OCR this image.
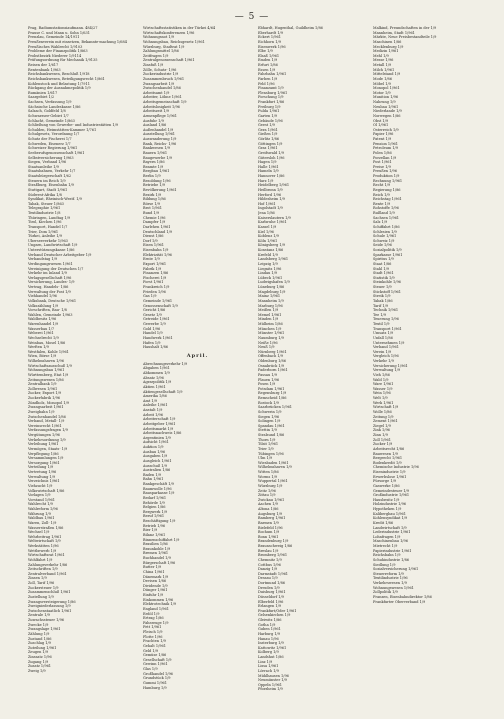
— 5 —
Prag, Radiumstationsiaufmann. 484/27
Prause C. und Mann u. Sohn 1/631
Prenzlau, Gemeinde 14/1911
Preußenverein mit einsetzen, Bekannte-machung 1/684
Preußisches Wahlrecht 1/9103
Probleme der Finanzpolitik 1/863
Probstbezirk Niederer 1/9114
Prüfungsordnung für Mechanik 1/9135
Reisen der 1/617
Rentenbank 1/963
Reichsbankwesen, Beschluß 1/918
Reichsbankwesen, Beteiligungsrecht 1/861
Kohlenstock und Belastung 1/7911
Rückgang der Ausnahmepolitik 1/9
Rumänien 1/617
Saargebiet 1/2
Sachsen, Verfassung 1/9
Sächsische Landeskasse 1/86
Salzach, Goldfeld 1/8
Schwarzsee-Gebiet 1/7
Schlacht, Gemeinde 1/863
Schließung von Gewerbe- und Industriestätten 1/9
Schulden, Heimstätten-Kammer 1/761
Schulgesetz, Verordnung 1/7
Schutz der Fischerei 1/7
Schweden, Eisenerz 1/7
Schweizer Regierung 1/961
Seeberufsgenossenschaft 1/961
Selbstversicherung 1/963
Siegen, Verband 1/96
Staatsanleihe 1/9
Staatsbahnen, Verkehr 1/7
Staatsbürgerschaft 1/62
Steuern im Reich 1/9
Straßburg, Eisenbahn 1/9
Stuttgart, Stadt 1/961
Südwest-Afrika 1/8
Syndikat, Rheinisch-Westf. 1/9
Tabak, Steuer 1/863
Telegraphie 1/961
Textilindustrie 1/8
Thüringen, Landtag 1/9
Tirol, Kirchen 1/96
Transport, Handel 1/7
Trier, Dom 1/961
Türkei, Anleihe 1/9
Überseeverkehr 1/963
Ungarn, Landwirtschaft 1/9
Unterstützungskasse 1/86
Verband Deutscher Arbeitgeber 1/9
Verbandstag 1/9
Verdingungswesen 1/961
Vereinigung der Deutschen 1/7
Verkehr im Inland 1/9
Verlagsgesellschaft 1/96
Versicherung, Landes- 1/9
Vertrag, Handels- 1/86
Verwaltung der Post 1/9
Viehhandel 1/96
Volksbank, Deutsche 1/961
Volkszählung 1/9
Vorschriften, Bau- 1/8
Wahlen, Gemeinde 1/963
Waldbesitz 1/96
Warenhandel 1/9
Wasserbau 1/7
Weberei 1/961
Wechselrecht 1/9
Weinbau, Mosel 1/86
Werften 1/9
Westfalen, Kohle 1/961
Wien, Börse 1/9
Wilhelmshaven 1/96
Wirtschaftsausschuß 1/9
Wohnungsbau 1/961
Württemberg, Etat 1/9
Zeitungswesen 1/86
Zentralbank 1/9
Zollwesen 1/961
Zucker, Export 1/9
Zuckerfabrik 1/96
Zündholz, Monopol 1/9
Zwangsarbeit 1/961
Zweigbahn 1/9
Zwischenhandel 1/86
Verband, Metall- 1/9
Vereinsrecht 1/961
Verfassungsfragen 1/9
Vergütungen 1/96
Verkehrsordnung 1/9
Verleihung 1/961
Vermögen, Staats- 1/9
Verpflegung 1/86
Versammlungen 1/9
Versorgung 1/961
Verteilung 1/9
Vertretung 1/96
Verwaltung 1/9
Verzeichnis 1/961
Viehzucht 1/9
Volkswirtschaft 1/86
Vorlagen 1/9
Vorstand 1/961
Wahlrecht 1/9
Wahlreform 1/96
Währung 1/9
Waldbau 1/961
Waren, Zoll- 1/9
Wasserstraßen 1/86
Wechsel 1/9
Wehrbeitrag 1/961
Weltwirtschaft 1/9
Werkstätten 1/96
Wettbewerb 1/9
Wirtschaftsrat 1/961
Wohlfahrt 1/9
Zahlungsverkehr 1/86
Zeitschriften 1/9
Zentralverband 1/961
Zinsen 1/9
Zoll, Tarif 1/96
Zuckersteuer 1/9
Zusammenschluß 1/961
Zustellung 1/9
Zwangsversteigerung 1/86
Zweigniederlassung 1/9
Zwischenstaatlich 1/961
Zentrale 1/9
Zuwachssteuer 1/96
Zwecke 1/9
Zwangslage 1/961
Zählung 1/9
Zustand 1/86
Zuschlag 1/9
Zuteilung 1/961
Zeugen 1/9
Zinssatz 1/96
Zugang 1/9
Zusatz 1/961
Zweig 1/9
Wirtschaftsstatistiken in der Türkei 4/64
Wirtschaftskonferenzen 1/96
Wohnungsnot 1/9
Wohnungsbau, Reichsgesetz 1/961
Würzburg, Stadtrat 1/9
Zahlungsmittel 1/86
Zeitfragen 1/9
Zentralgenossenschaft 1/961
Zinsfuß 1/9
Zölle, Schutz- 1/96
Zuckerindustrie 1/9
Zusammenbruch 1/961
Zwangsarbeit 1/9
Zwischenhandel 1/86
Arbeitsamt 1/9
Arbeiter, Löhne 1/961
Arbeitsgemeinschaft 1/9
Arbeitslosigkeit 1/96
Arbeitszeit 1/9
Armenpflege 1/961
Ausfuhr 1/9
Ausland 1/86
Außenhandel 1/9
Ausstellung 1/961
Auswanderung 1/9
Bank, Reichs- 1/96
Bankwesen 1/9
Bauern 1/961
Baugewerbe 1/9
Bayern 1/86
Beamte 1/9
Bergbau 1/961
Berlin 1/9
Besoldung 1/96
Betriebe 1/9
Bevölkerung 1/961
Bezirk 1/9
Bildung 1/86
Börse 1/9
Brot 1/961
Bund 1/9
Chemie 1/96
Dampfer 1/9
Darlehen 1/961
Deutschland 1/9
Dienst 1/86
Dorf 1/9
Eisen 1/961
Eisenbahn 1/9
Elektrizität 1/96
Ernte 1/9
Export 1/961
Fabrik 1/9
Finanzen 1/86
Fischerei 1/9
Forst 1/961
Frankreich 1/9
Frieden 1/96
Gas 1/9
Gemeinde 1/961
Genossenschaft 1/9
Gericht 1/86
Gesetz 1/9
Getreide 1/961
Gewerbe 1/9
Gold 1/96
Handel 1/9
Handwerk 1/961
Hafen 1/9
Haushalt 1/86
April.
Abrechnungsverkehr 1/9
Abgaben 1/961
Abkommen 1/9
Absatz 1/96
Agrarpolitik 1/9
Aktien 1/961
Aktiengesellschaft 1/9
Amerika 1/86
Amt 1/9
Anleihe 1/961
Anstalt 1/9
Arbeit 1/96
Arbeiterschaft 1/9
Arbeitgeber 1/961
Arbeitsmarkt 1/9
Arbeitsnachweis 1/86
Argentinien 1/9
Aufsicht 1/961
Auktion 1/9
Ausbau 1/96
Ausgaben 1/9
Ausgleich 1/961
Ausschuß 1/9
Australien 1/86
Baden 1/9
Bahn 1/961
Bankgeschäft 1/9
Baumwolle 1/96
Bausparkasse 1/9
Bedarf 1/961
Behörde 1/9
Belgien 1/86
Bergwerk 1/9
Beruf 1/961
Beschäftigung 1/9
Betrieb 1/96
Bier 1/9
Bilanz 1/961
Binnenschiffahrt 1/9
Brasilien 1/86
Braunkohle 1/9
Bremen 1/961
Buchhandel 1/9
Bürgerschaft 1/96
Butter 1/9
China 1/961
Dänemark 1/9
Devisen 1/86
Dividende 1/9
Dünger 1/961
Einfuhr 1/9
Einkommen 1/96
Elektrotechnik 1/9
England 1/961
Erdöl 1/9
Ertrag 1/86
Fahrzeuge 1/9
Fett 1/961
Fleisch 1/9
Flotte 1/96
Frachten 1/9
Gehalt 1/961
Geld 1/9
Gemüse 1/86
Gesellschaft 1/9
Gewinn 1/961
Glas 1/9
Großhandel 1/96
Grundstück 1/9
Gummi 1/961
Hamburg 1/9
Ebhardt, Hugenthal, Guildheim 1/86
Eberhardt 1/9
Eckert 1/961
Eichhorn 1/9
Eisenwerk 1/96
Elbe 1/9
Elsaß 1/961
Emden 1/9
Erfurt 1/86
Essen 1/9
Fahrbahn 1/961
Farben 1/9
Feld 1/96
Finanzamt 1/9
Flensburg 1/961
Forschung 1/9
Frankfurt 1/86
Freiburg 1/9
Fulda 1/961
Garten 1/9
Gebäude 1/96
Geest 1/9
Gera 1/961
Gießen 1/9
Görlitz 1/86
Göttingen 1/9
Graz 1/961
Greifswald 1/9
Gütersloh 1/96
Hagen 1/9
Halle 1/961
Hameln 1/9
Hannover 1/86
Harz 1/9
Heidelberg 1/961
Heilbronn 1/9
Herford 1/96
Hildesheim 1/9
Hof 1/961
Ingolstadt 1/9
Jena 1/86
Kaiserslautern 1/9
Karlsruhe 1/961
Kassel 1/9
Kiel 1/96
Koblenz 1/9
Köln 1/961
Königsberg 1/9
Konstanz 1/86
Krefeld 1/9
Landsberg 1/961
Leipzig 1/9
Liegnitz 1/96
Lindau 1/9
Lübeck 1/961
Ludwigshafen 1/9
Lüneburg 1/86
Magdeburg 1/9
Mainz 1/961
Mannheim 1/9
Marburg 1/96
Meißen 1/9
Memel 1/961
Minden 1/9
Mülheim 1/86
München 1/9
Münster 1/961
Naumburg 1/9
Neiße 1/96
Neuß 1/9
Nürnberg 1/961
Offenbach 1/9
Oldenburg 1/86
Osnabrück 1/9
Paderborn 1/961
Passau 1/9
Plauen 1/96
Posen 1/9
Potsdam 1/961
Regensburg 1/9
Remscheid 1/86
Rostock 1/9
Saarbrücken 1/961
Schwerin 1/9
Siegen 1/96
Solingen 1/9
Spandau 1/961
Stettin 1/9
Stralsund 1/86
Thorn 1/9
Tilsit 1/961
Trier 1/9
Tübingen 1/96
Ulm 1/9
Wiesbaden 1/961
Wilhelmshaven 1/9
Witten 1/86
Worms 1/9
Wuppertal 1/961
Würzburg 1/9
Zeitz 1/96
Zittau 1/9
Zwickau 1/961
Aachen 1/9
Altona 1/86
Augsburg 1/9
Bamberg 1/961
Barmen 1/9
Bielefeld 1/96
Bochum 1/9
Bonn 1/961
Brandenburg 1/9
Braunschweig 1/86
Breslau 1/9
Bromberg 1/961
Chemnitz 1/9
Cottbus 1/96
Danzig 1/9
Darmstadt 1/961
Dessau 1/9
Dortmund 1/86
Dresden 1/9
Duisburg 1/961
Düsseldorf 1/9
Elberfeld 1/96
Erlangen 1/9
Frankfurt/Oder 1/961
Gelsenkirchen 1/9
Gleiwitz 1/86
Gotha 1/9
Guben 1/961
Harburg 1/9
Hanau 1/96
Insterburg 1/9
Kattowitz 1/961
Kolberg 1/9
Landshut 1/86
Linz 1/9
Lissa 1/961
Lörrach 1/9
Mühlhausen 1/96
Neumünster 1/9
Oppeln 1/961
Pforzheim 1/9
Malkind, Freundschaften in der 1/9
Mannheim, Stadt 1/961
Märkte, Neue Preisbestandteile 1/9
Maschinen 1/86
Mecklenburg 1/9
Medizin 1/961
Mehl 1/9
Messe 1/96
Metall 1/9
Milch 1/961
Mittelstand 1/9
Mode 1/86
Möbel 1/9
Monopol 1/961
Motor 1/9
Munition 1/96
Nahrung 1/9
Neubau 1/961
Niederlande 1/9
Norwegen 1/86
Obst 1/9
Öl 1/961
Österreich 1/9
Papier 1/96
Patent 1/9
Pension 1/961
Petroleum 1/9
Polen 1/86
Porzellan 1/9
Post 1/961
Preise 1/9
Preußen 1/96
Produktion 1/9
Rechnung 1/961
Recht 1/9
Regierung 1/86
Reich 1/9
Reichstag 1/961
Rente 1/9
Rohstoffe 1/96
Rußland 1/9
Sachsen 1/961
Salz 1/9
Schiffahrt 1/86
Schlesien 1/9
Schule 1/961
Schweiz 1/9
Seide 1/96
Sozialpolitik 1/9
Sparkasse 1/961
Spiritus 1/9
Staat 1/86
Stahl 1/9
Stadt 1/961
Statistik 1/9
Steinkohle 1/96
Steuer 1/9
Stickstoff 1/961
Streik 1/9
Tabak 1/86
Tarif 1/9
Technik 1/961
Tee 1/9
Teuerung 1/96
Textil 1/9
Transport 1/961
Umsatz 1/9
Unfall 1/86
Unternehmen 1/9
Verband 1/961
Verein 1/9
Vergleich 1/96
Verkehr 1/9
Versicherung 1/961
Verwaltung 1/9
Vieh 1/86
Wald 1/9
Ware 1/961
Wasser 1/9
Wein 1/96
Welt 1/9
Werk 1/961
Wirtschaft 1/9
Wolle 1/86
Zeitung 1/9
Zement 1/961
Ziegel 1/9
Zink 1/96
Zinn 1/9
Zoll 1/961
Zucker 1/9
Arbeitsrecht 1/86
Bauwesen 1/9
Bergrecht 1/961
Bodenkredit 1/9
Chemische Industrie 1/96
Eisenindustrie 1/9
Erwerbslose 1/961
Fürsorge 1/9
Gaswerke 1/86
Gemeindesteuer 1/9
Großindustrie 1/961
Hausbesitz 1/9
Holzindustrie 1/96
Hypotheken 1/9
Kalibergbau 1/961
Kohlensyndikat 1/9
Kredit 1/86
Landwirtschaft 1/9
Lederindustrie 1/961
Lohnfragen 1/9
Maschinenbau 1/96
Mietrecht 1/9
Papierindustrie 1/961
Reichsbahn 1/9
Schuhindustrie 1/86
Siedlung 1/9
Sozialversicherung 1/961
Steuerreform 1/9
Textilindustrie 1/96
Verkehrswesen 1/9
Wohnungswesen 1/961
Zollpolitik 1/9
Franzen, Eisenbahndirektor 1/86
Frankfurter Oberverband 1/9
